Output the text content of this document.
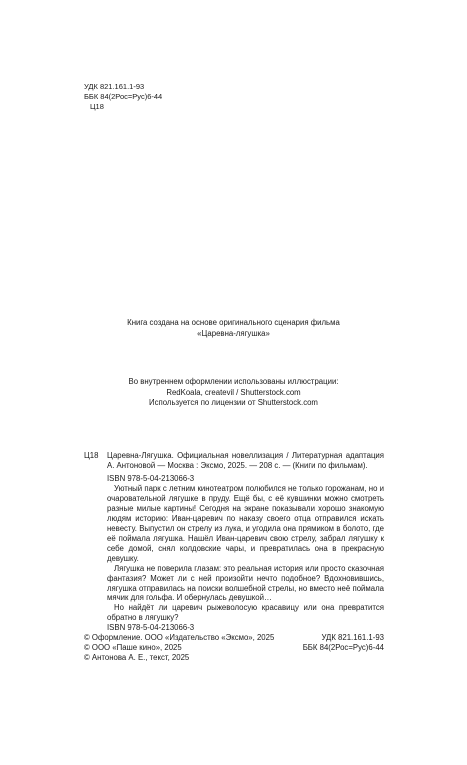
УДК 821.161.1-93
ББК 84(2Рос=Рус)6-44
Ц18
Книга создана на основе оригинального сценария фильма
«Царевна-лягушка»
Во внутреннем оформлении использованы иллюстрации:
RedKoala, createvil / Shutterstock.com
Используется по лицензии от Shutterstock.com
Ц18 Царевна-Лягушка. Официальная новеллизация / Литературная адаптация А. Антоновой — Москва : Эксмо, 2025. — 208 с. — (Книги по фильмам).
ISBN 978-5-04-213066-3

Уютный парк с летним кинотеатром полюбился не только горожанам, но и очаровательной лягушке в пруду. Ещё бы, с её кувшинки можно смотреть разные милые картины! Сегодня на экране показывали хорошо знакомую людям историю: Иван-царевич по наказу своего отца отправился искать невесту. Выпустил он стрелу из лука, и угодила она прямиком в болото, где её поймала лягушка. Нашёл Иван-царевич свою стрелу, забрал лягушку к себе домой, снял колдовские чары, и превратилась она в прекрасную девушку.

Лягушка не поверила глазам: это реальная история или просто сказочная фантазия? Может ли с ней произойти нечто подобное? Вдохновившись, лягушка отправилась на поиски волшебной стрелы, но вместо неё поймала мячик для гольфа. И обернулась девушкой…

Но найдёт ли царевич рыжеволосую красавицу или она превратится обратно в лягушку?

ISBN 978-5-04-213066-3
© Оформление. ООО «Издательство «Эксмо», 2025
© ООО «Паше кино», 2025
© Антонова А. Е., текст, 2025
УДК 821.161.1-93
ББК 84(2Рос=Рус)6-44
